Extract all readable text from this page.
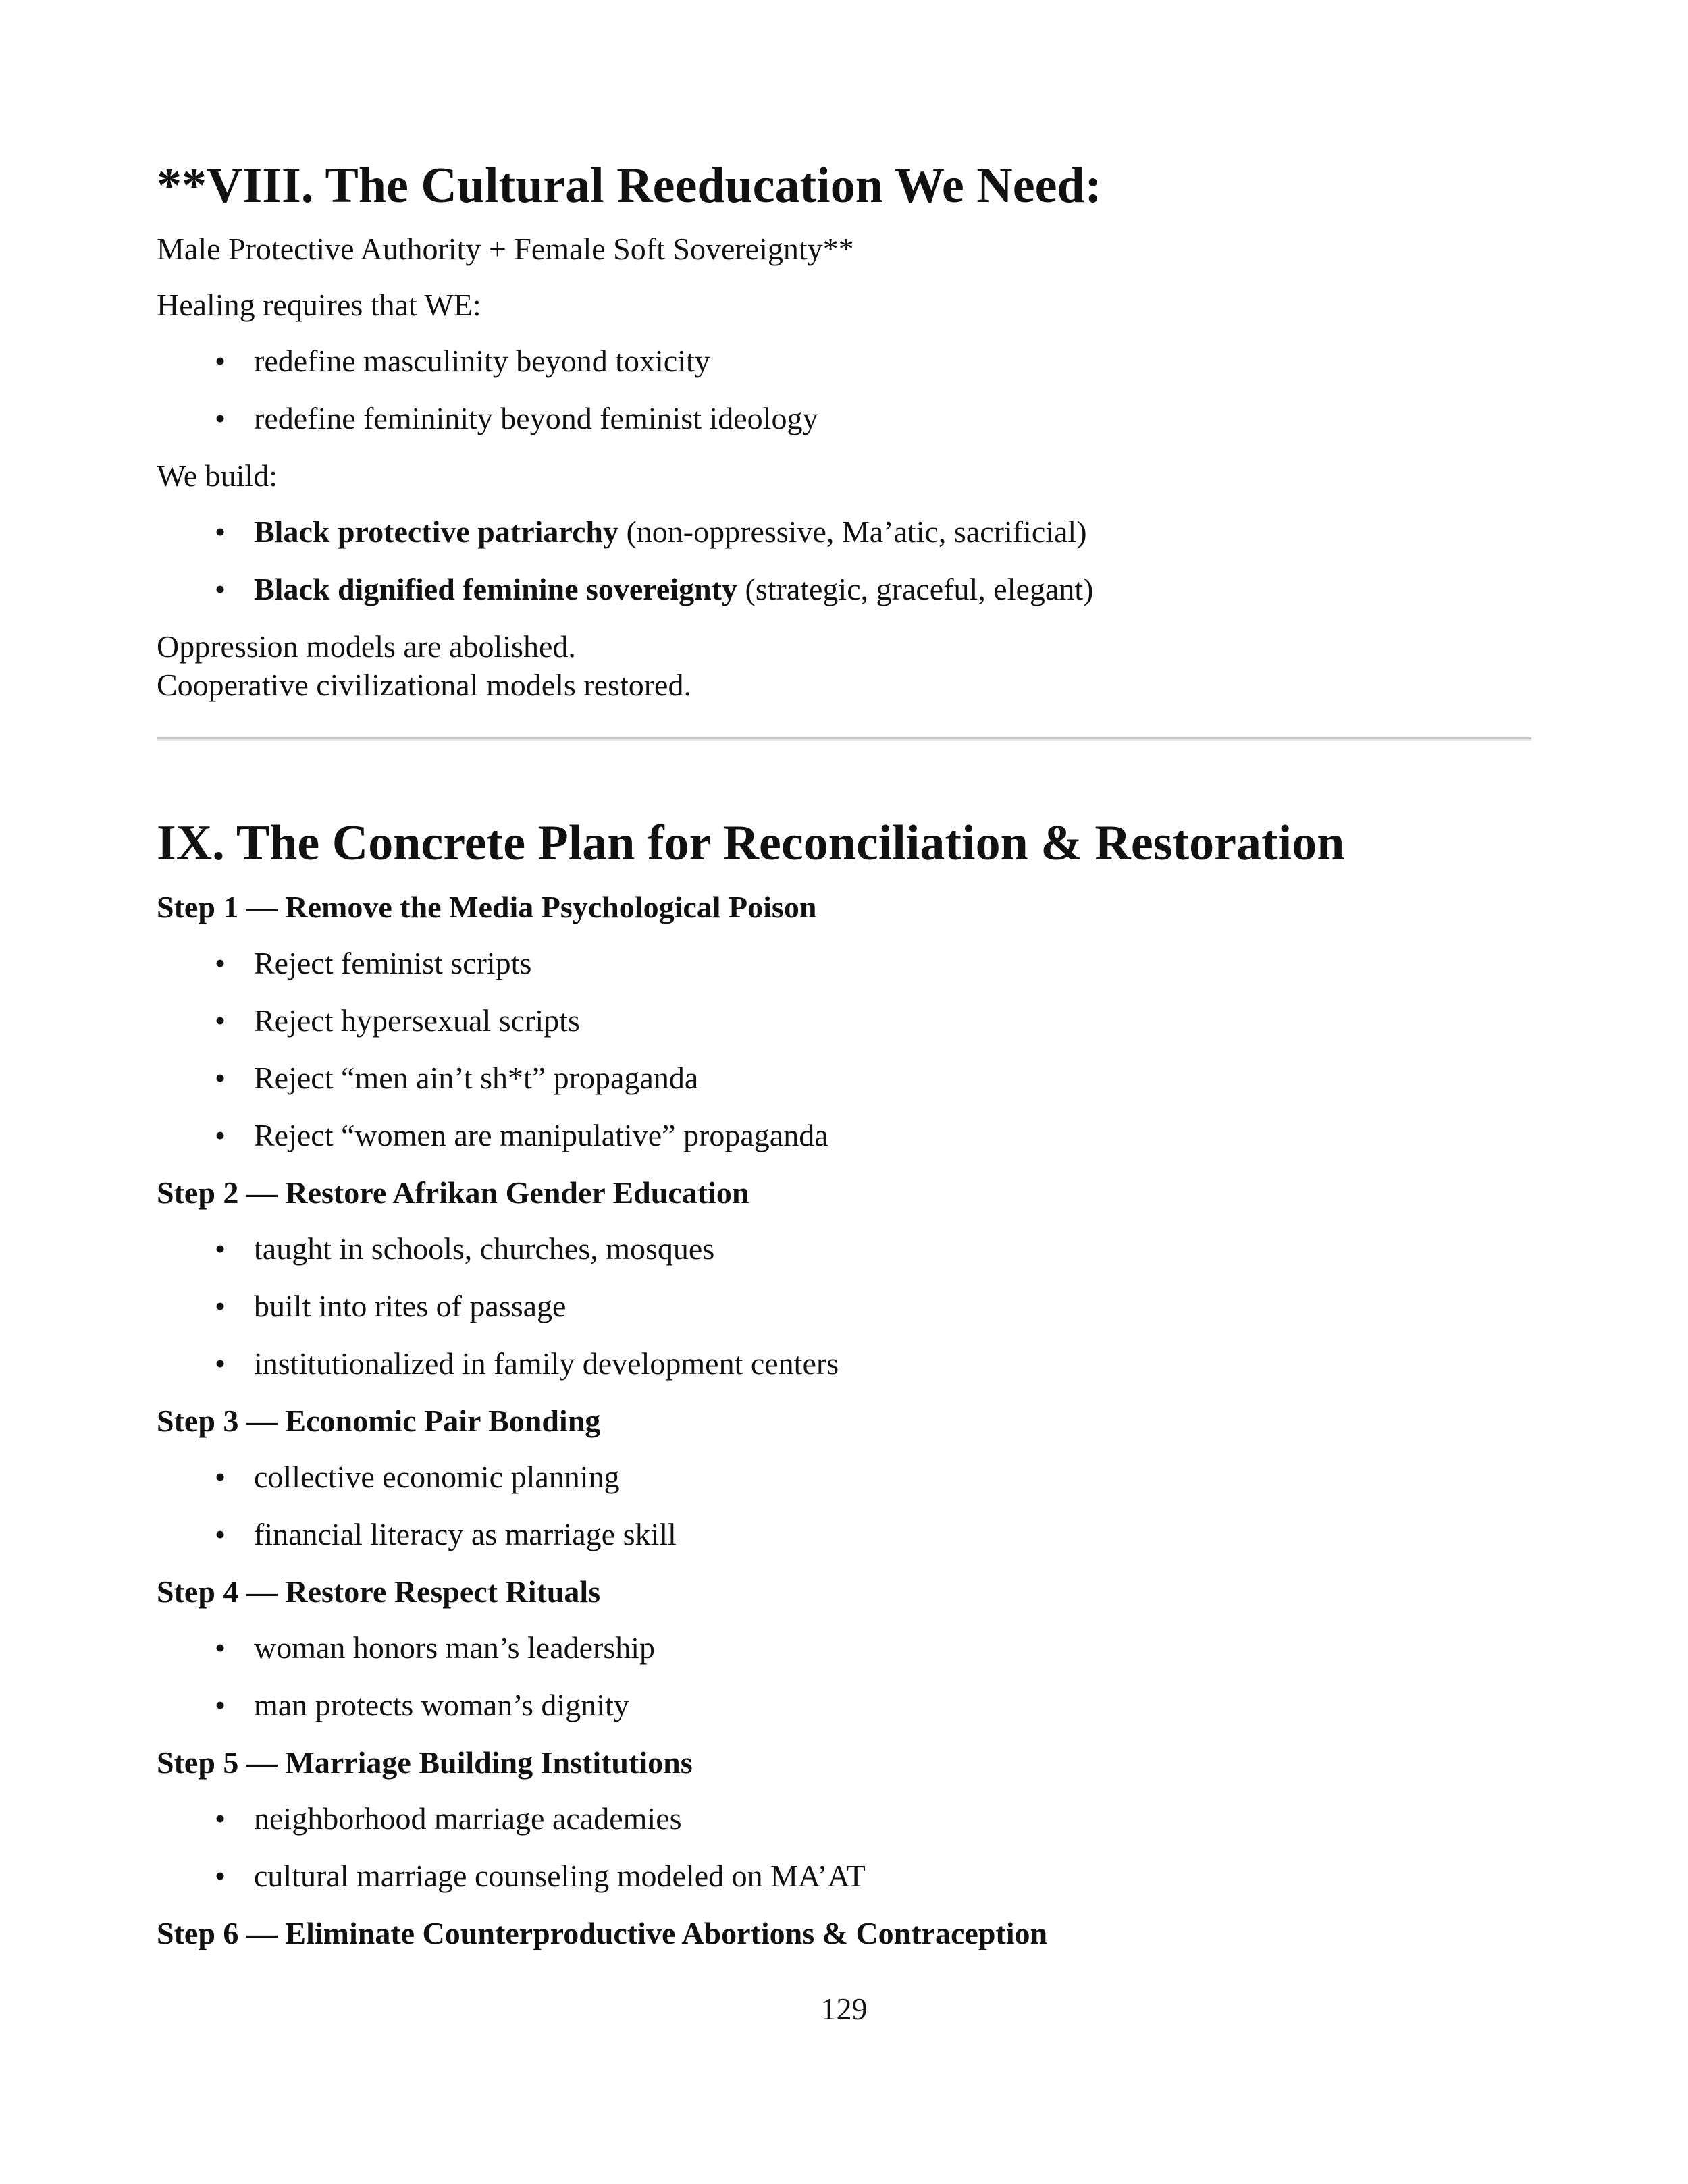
**VIII. The Cultural Reeducation We Need:
Male Protective Authority + Female Soft Sovereignty**
Healing requires that WE:
• redefine masculinity beyond toxicity
• redefine femininity beyond feminist ideology
We build:
• Black protective patriarchy (non-oppressive, Ma’atic, sacrificial)
• Black dignified feminine sovereignty (strategic, graceful, elegant)
Oppression models are abolished.
Cooperative civilizational models restored.
IX. The Concrete Plan for Reconciliation & Restoration
Step 1 — Remove the Media Psychological Poison
• Reject feminist scripts
• Reject hypersexual scripts
• Reject “men ain’t sh*t” propaganda
• Reject “women are manipulative” propaganda
Step 2 — Restore Afrikan Gender Education
• taught in schools, churches, mosques
• built into rites of passage
• institutionalized in family development centers
Step 3 — Economic Pair Bonding
• collective economic planning
• financial literacy as marriage skill
Step 4 — Restore Respect Rituals
• woman honors man’s leadership
• man protects woman’s dignity
Step 5 — Marriage Building Institutions
• neighborhood marriage academies
• cultural marriage counseling modeled on MA’AT
Step 6 — Eliminate Counterproductive Abortions & Contraception
129
